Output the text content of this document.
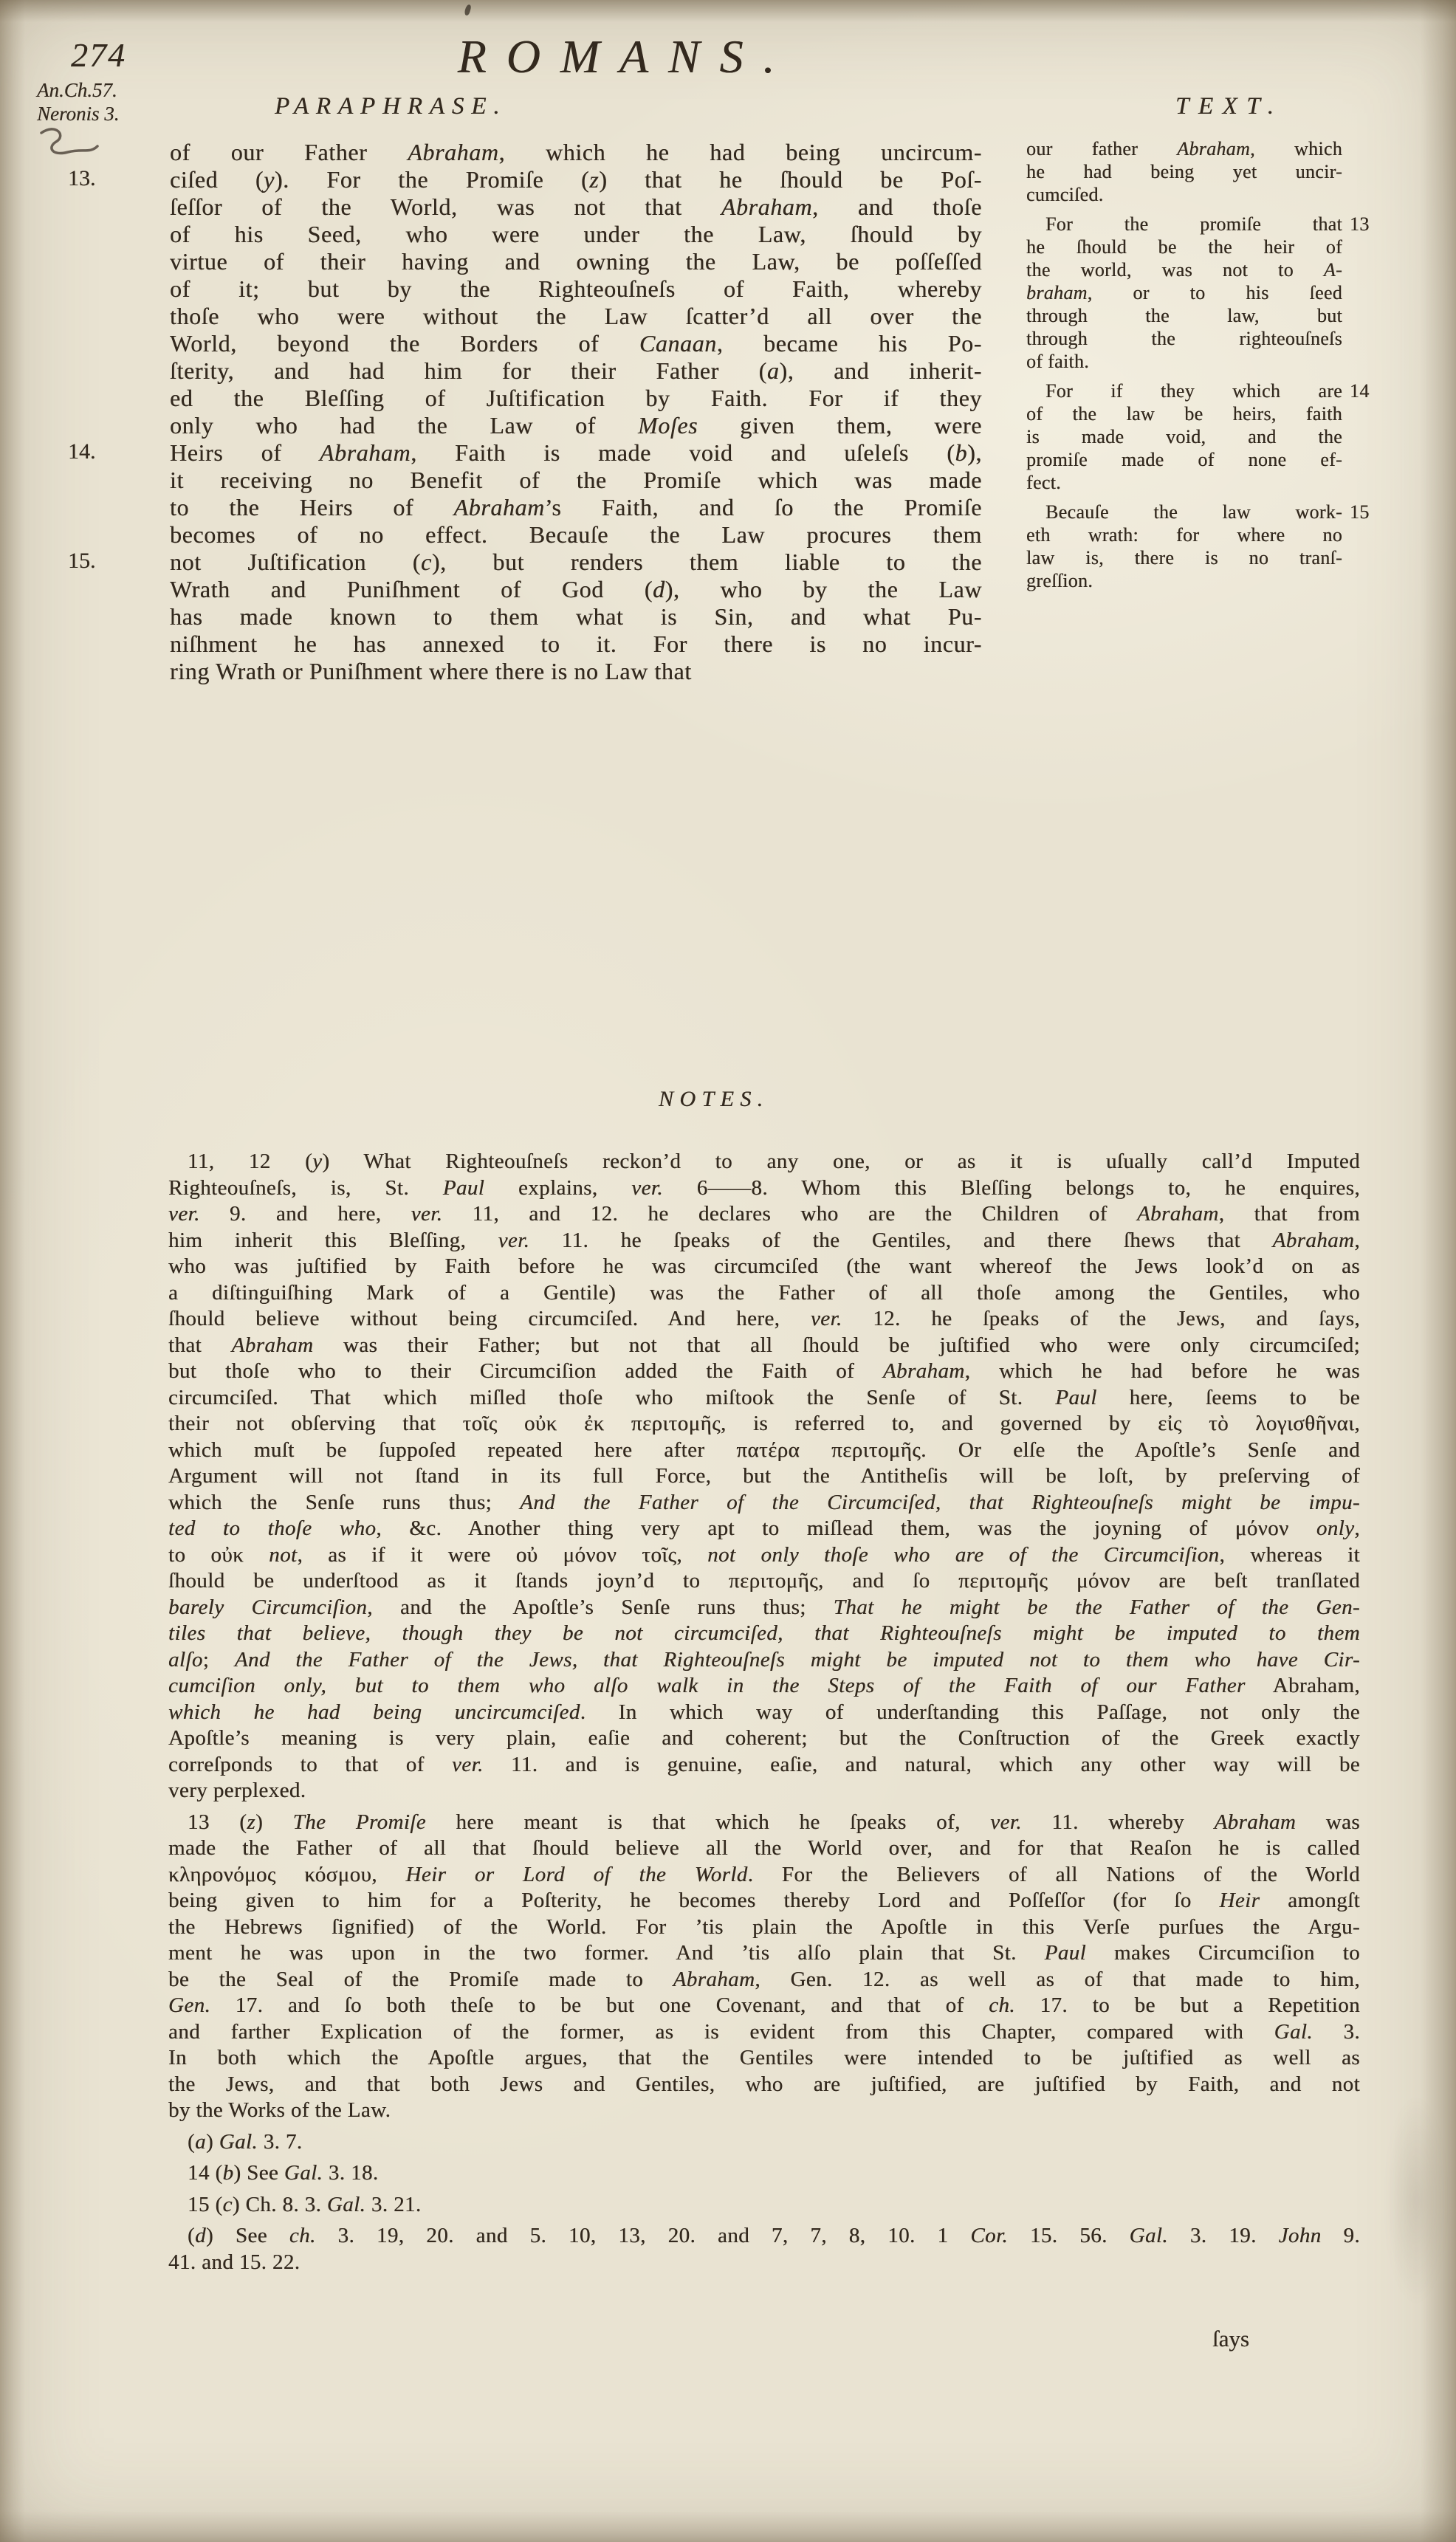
274	ROMANS.
An.Ch.57.
Neronis 3.	PARAPHRASE.	TEXT.
13.
14.
15.
of our Father Abraham, which he had being uncircum-
ciſed (y). For the Promiſe (z) that he ſhould be Poſ-
ſeſſor of the World, was not that Abraham, and thoſe
of his Seed, who were under the Law, ſhould by
virtue of their having and owning the Law, be poſſeſſed
of it; but by the Righteouſneſs of Faith, whereby
thoſe who were without the Law ſcatter’d all over the
World, beyond the Borders of Canaan, became his Po-
ſterity, and had him for their Father (a), and inherit-
ed the Bleſſing of Juſtification by Faith. For if they
only who had the Law of Moſes given them, were
Heirs of Abraham, Faith is made void and uſeleſs (b),
it receiving no Benefit of the Promiſe which was made
to the Heirs of Abraham’s Faith, and ſo the Promiſe
becomes of no effect. Becauſe the Law procures them
not Juſtification (c), but renders them liable to the
Wrath and Puniſhment of God (d), who by the Law
has made known to them what is Sin, and what Pu-
niſhment he has annexed to it. For there is no incur-
ring Wrath or Puniſhment where there is no Law that
our father Abraham, which
he had being yet uncir-
cumciſed.
13
For the promiſe that
he ſhould be the heir of
the world, was not to A-
braham, or to his ſeed
through the law, but
through the righteouſneſs
of faith.
14
For if they which are
of the law be heirs, faith
is made void, and the
promiſe made of none ef-
fect.
15
Becauſe the law work-
eth wrath: for where no
law is, there is no tranſ-
greſſion.
NOTES.
11, 12 (y) What Righteouſneſs reckon’d to any one, or as it is uſually call’d Imputed
Righteouſneſs, is, St. Paul explains, ver. 6——8. Whom this Bleſſing belongs to, he enquires,
ver. 9. and here, ver. 11, and 12. he declares who are the Children of Abraham, that from
him inherit this Bleſſing, ver. 11. he ſpeaks of the Gentiles, and there ſhews that Abraham,
who was juſtified by Faith before he was circumciſed (the want whereof the Jews look’d on as
a diſtinguiſhing Mark of a Gentile) was the Father of all thoſe among the Gentiles, who
ſhould believe without being circumciſed. And here, ver. 12. he ſpeaks of the Jews, and ſays,
that Abraham was their Father; but not that all ſhould be juſtified who were only circumciſed;
but thoſe who to their Circumciſion added the Faith of Abraham, which he had before he was
circumciſed. That which miſled thoſe who miſtook the Senſe of St. Paul here, ſeems to be
their not obſerving that τοῖς οὐκ ἐκ περιτομῆς, is referred to, and governed by εἰς τὸ λογισθῆναι,
which muſt be ſuppoſed repeated here after πατέρα περιτομῆς. Or elſe the Apoſtle’s Senſe and
Argument will not ſtand in its full Force, but the Antitheſis will be loſt, by preſerving of
which the Senſe runs thus; And the Father of the Circumciſed, that Righteouſneſs might be impu-
ted to thoſe who, &c. Another thing very apt to miſlead them, was the joyning of μόνον only,
to οὐκ not, as if it were οὐ μόνον τοῖς, not only thoſe who are of the Circumciſion, whereas it
ſhould be underſtood as it ſtands joyn’d to περιτομῆς, and ſo περιτομῆς μόνον are beſt tranſlated
barely Circumciſion, and the Apoſtle’s Senſe runs thus; That he might be the Father of the Gen-
tiles that believe, though they be not circumciſed, that Righteouſneſs might be imputed to them
alſo; And the Father of the Jews, that Righteouſneſs might be imputed not to them who have Cir-
cumciſion only, but to them who alſo walk in the Steps of the Faith of our Father Abraham,
which he had being uncircumciſed. In which way of underſtanding this Paſſage, not only the
Apoſtle’s meaning is very plain, eaſie and coherent; but the Conſtruction of the Greek exactly
correſponds to that of ver. 11. and is genuine, eaſie, and natural, which any other way will be
very perplexed.
13 (z) The Promiſe here meant is that which he ſpeaks of, ver. 11. whereby Abraham was
made the Father of all that ſhould believe all the World over, and for that Reaſon he is called
κληρονόμος κόσμου, Heir or Lord of the World. For the Believers of all Nations of the World
being given to him for a Poſterity, he becomes thereby Lord and Poſſeſſor (for ſo Heir amongſt
the Hebrews ſignified) of the World. For ’tis plain the Apoſtle in this Verſe purſues the Argu-
ment he was upon in the two former. And ’tis alſo plain that St. Paul makes Circumciſion to
be the Seal of the Promiſe made to Abraham, Gen. 12. as well as of that made to him,
Gen. 17. and ſo both theſe to be but one Covenant, and that of ch. 17. to be but a Repetition
and farther Explication of the former, as is evident from this Chapter, compared with Gal. 3.
In both which the Apoſtle argues, that the Gentiles were intended to be juſtified as well as
the Jews, and that both Jews and Gentiles, who are juſtified, are juſtified by Faith, and not
by the Works of the Law.
(a) Gal. 3. 7.
14 (b) See Gal. 3. 18.
15 (c) Ch. 8. 3. Gal. 3. 21.
(d) See ch. 3. 19, 20. and 5. 10, 13, 20. and 7, 7, 8, 10. 1 Cor. 15. 56. Gal. 3. 19. John 9.
41. and 15. 22.
ſays
